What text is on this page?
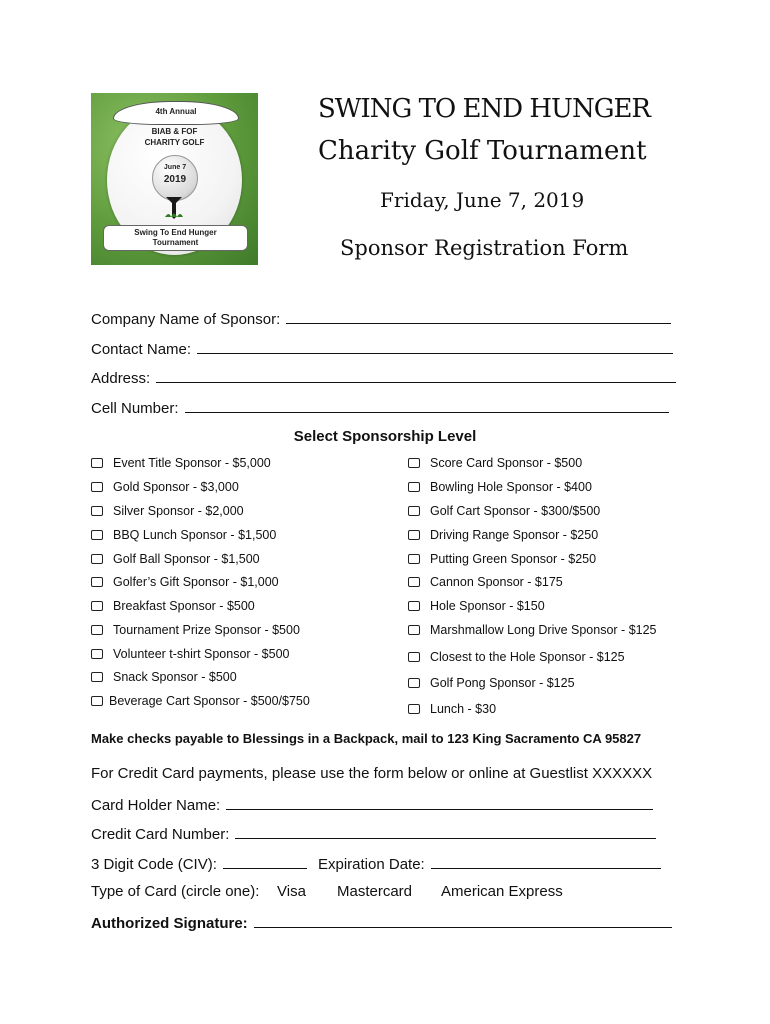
4th Annual
BIAB & FOF
CHARITY GOLF
June 7
2019
Swing To End Hunger
Tournament
SWING TO END HUNGER
Charity Golf Tournament
Friday, June 7, 2019
Sponsor Registration Form
Company Name of Sponsor:
Contact Name:
Address:
Cell Number:
Select Sponsorship Level
Event Title Sponsor - $5,000
Gold Sponsor - $3,000
Silver Sponsor - $2,000
BBQ Lunch Sponsor - $1,500
Golf Ball Sponsor - $1,500
Golfer’s Gift Sponsor - $1,000
Breakfast Sponsor - $500
Tournament Prize Sponsor - $500
Volunteer t-shirt Sponsor - $500
Snack Sponsor - $500
Beverage Cart Sponsor - $500/$750
Score Card Sponsor - $500
Bowling Hole Sponsor - $400
Golf Cart Sponsor - $300/$500
Driving Range Sponsor - $250
Putting Green Sponsor - $250
Cannon Sponsor - $175
Hole Sponsor - $150
Marshmallow Long Drive Sponsor - $125
Closest to the Hole Sponsor - $125
Golf Pong Sponsor - $125
Lunch - $30
Make checks payable to Blessings in a Backpack, mail to 123 King Sacramento CA 95827
For Credit Card payments, please use the form below or online at Guestlist XXXXXX
Card Holder Name:
Credit Card Number:
3 Digit Code (CIV):	Expiration Date:
Type of Card (circle one): Visa Mastercard American Express
Authorized Signature:
